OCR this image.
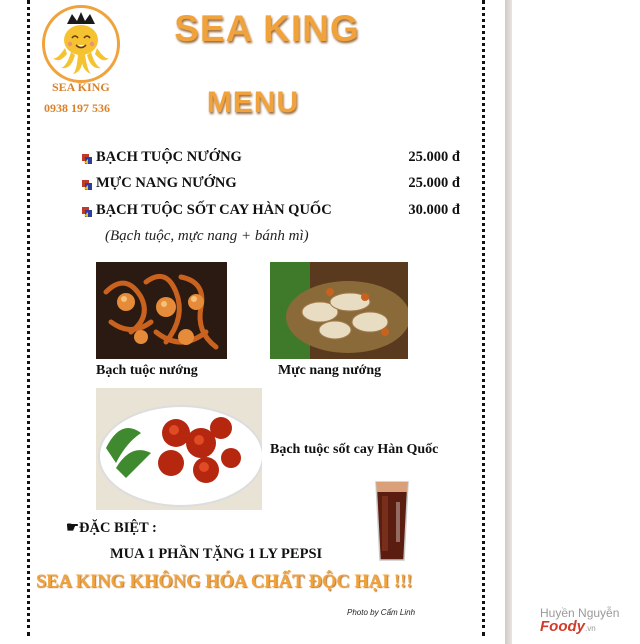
SEA KING
0938 197 536
SEA KING
MENU
BẠCH TUỘC NƯỚNG	25.000 đ
MỰC NANG NƯỚNG	25.000 đ
BẠCH TUỘC SỐT CAY HÀN QUỐC	30.000 đ
(Bạch tuộc, mực nang + bánh mì)
Bạch tuộc nướng	Mực nang nướng
Bạch tuộc sốt cay Hàn Quốc
☛ĐẶC BIỆT :
MUA 1 PHẦN TẶNG 1 LY PEPSI
SEA KING KHÔNG HÓA CHẤT ĐỘC HẠI !!!
Photo by Cẩm Linh	Huyền Nguyễn
Foody.vn
